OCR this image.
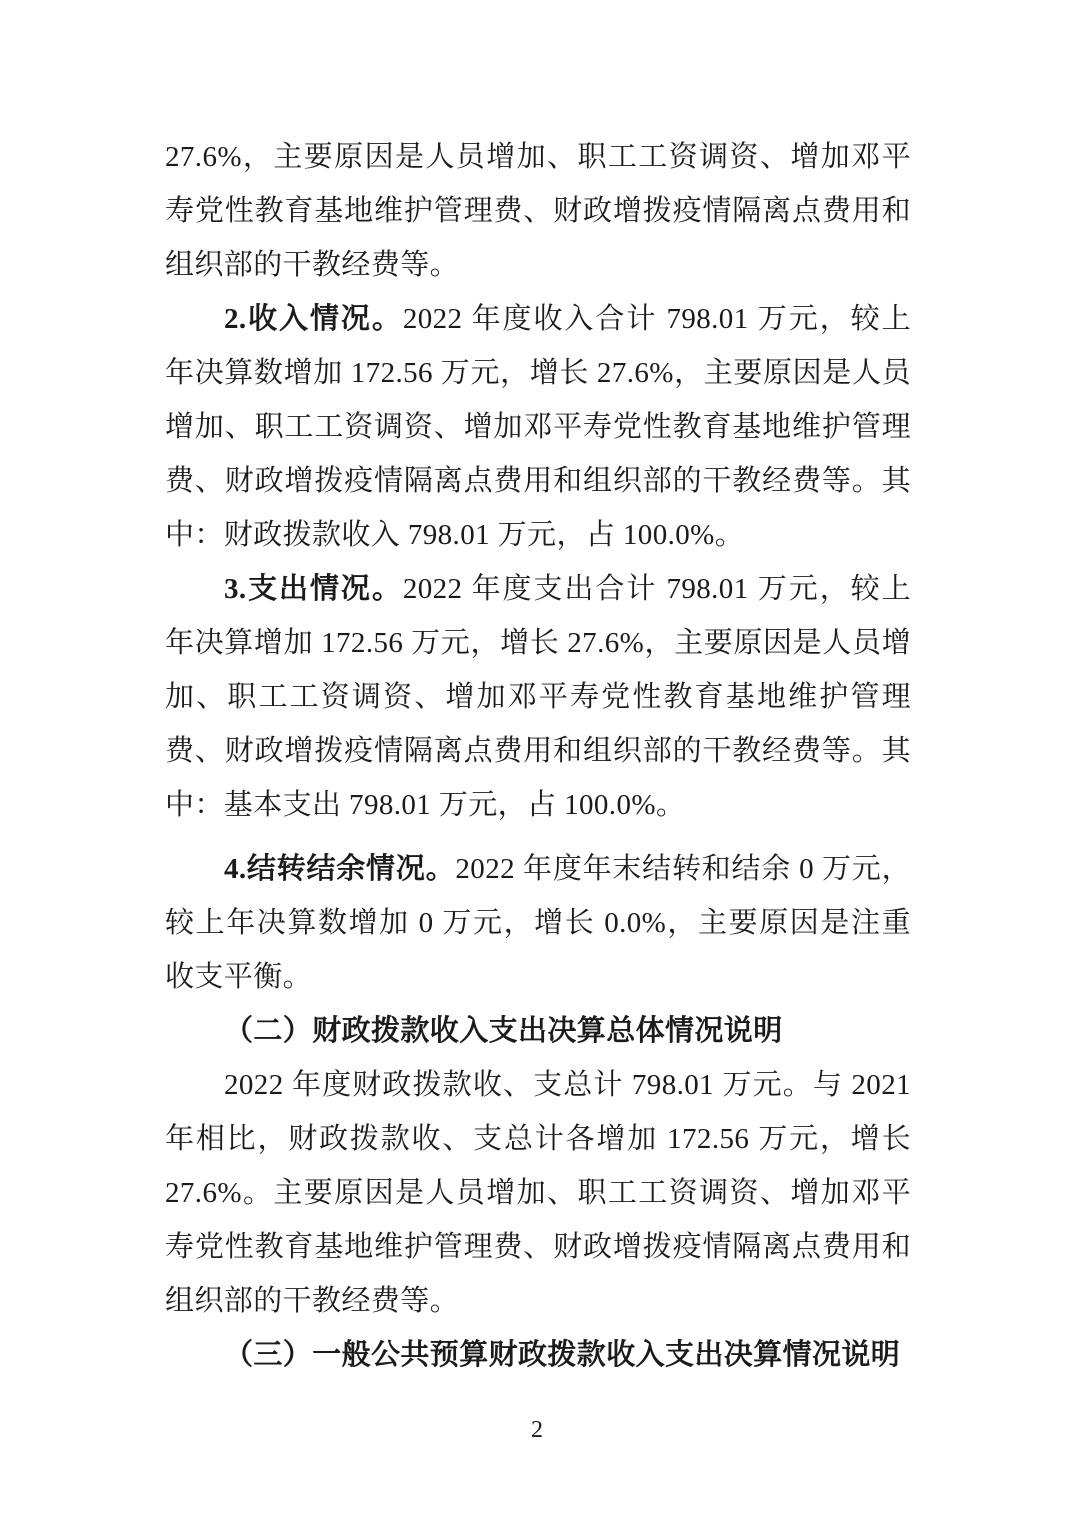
27.6%，主要原因是人员增加、职工工资调资、增加邓平寿党性教育基地维护管理费、财政增拨疫情隔离点费用和组织部的干教经费等。

2.收入情况。2022 年度收入合计 798.01 万元，较上年决算数增加 172.56 万元，增长 27.6%，主要原因是人员增加、职工工资调资、增加邓平寿党性教育基地维护管理费、财政增拨疫情隔离点费用和组织部的干教经费等。其中：财政拨款收入 798.01 万元，占 100.0%。

3.支出情况。2022 年度支出合计 798.01 万元，较上年决算增加 172.56 万元，增长 27.6%，主要原因是人员增加、职工工资调资、增加邓平寿党性教育基地维护管理费、财政增拨疫情隔离点费用和组织部的干教经费等。其中：基本支出 798.01 万元，占 100.0%。

4.结转结余情况。2022 年度年末结转和结余 0 万元，较上年决算数增加 0 万元，增长 0.0%，主要原因是注重收支平衡。

（二）财政拨款收入支出决算总体情况说明

2022 年度财政拨款收、支总计 798.01 万元。与 2021 年相比，财政拨款收、支总计各增加 172.56 万元，增长 27.6%。主要原因是人员增加、职工工资调资、增加邓平寿党性教育基地维护管理费、财政增拨疫情隔离点费用和组织部的干教经费等。

（三）一般公共预算财政拨款收入支出决算情况说明

2
